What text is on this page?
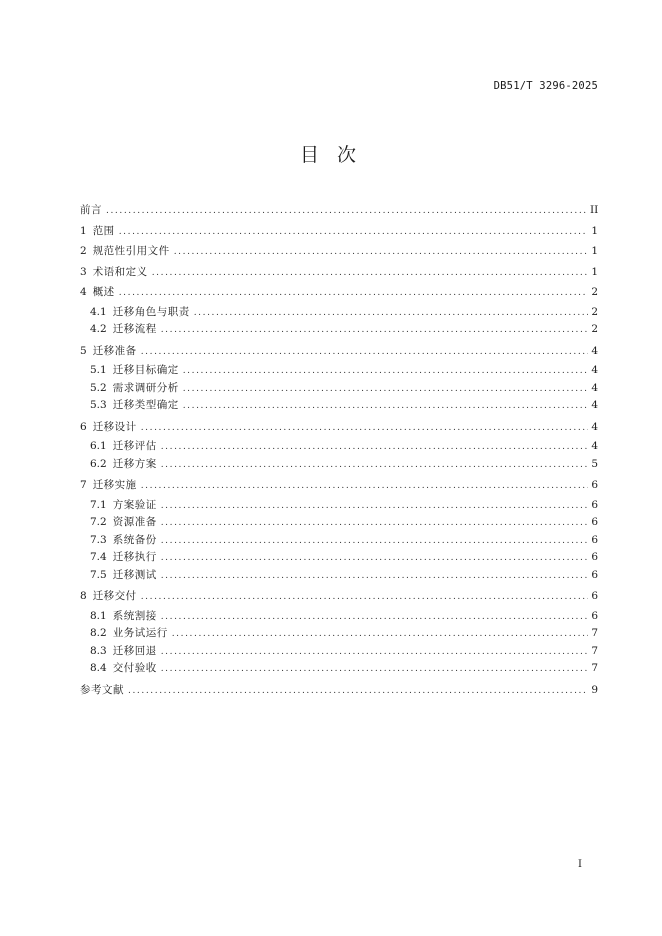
DB51/T 3296-2025
目 次
前言 .....	II
1 范围 .....	1
2 规范性引用文件 .....	1
3 术语和定义 .....	1
4 概述 .....	2
4.1 迁移角色与职责 .....	2
4.2 迁移流程 .....	2
5 迁移准备 .....	4
5.1 迁移目标确定 .....	4
5.2 需求调研分析 .....	4
5.3 迁移类型确定 .....	4
6 迁移设计 .....	4
6.1 迁移评估 .....	4
6.2 迁移方案 .....	5
7 迁移实施 .....	6
7.1 方案验证 .....	6
7.2 资源准备 .....	6
7.3 系统备份 .....	6
7.4 迁移执行 .....	6
7.5 迁移测试 .....	6
8 迁移交付 .....	6
8.1 系统割接 .....	6
8.2 业务试运行 .....	7
8.3 迁移回退 .....	7
8.4 交付验收 .....	7
参考文献 .....	9
I
